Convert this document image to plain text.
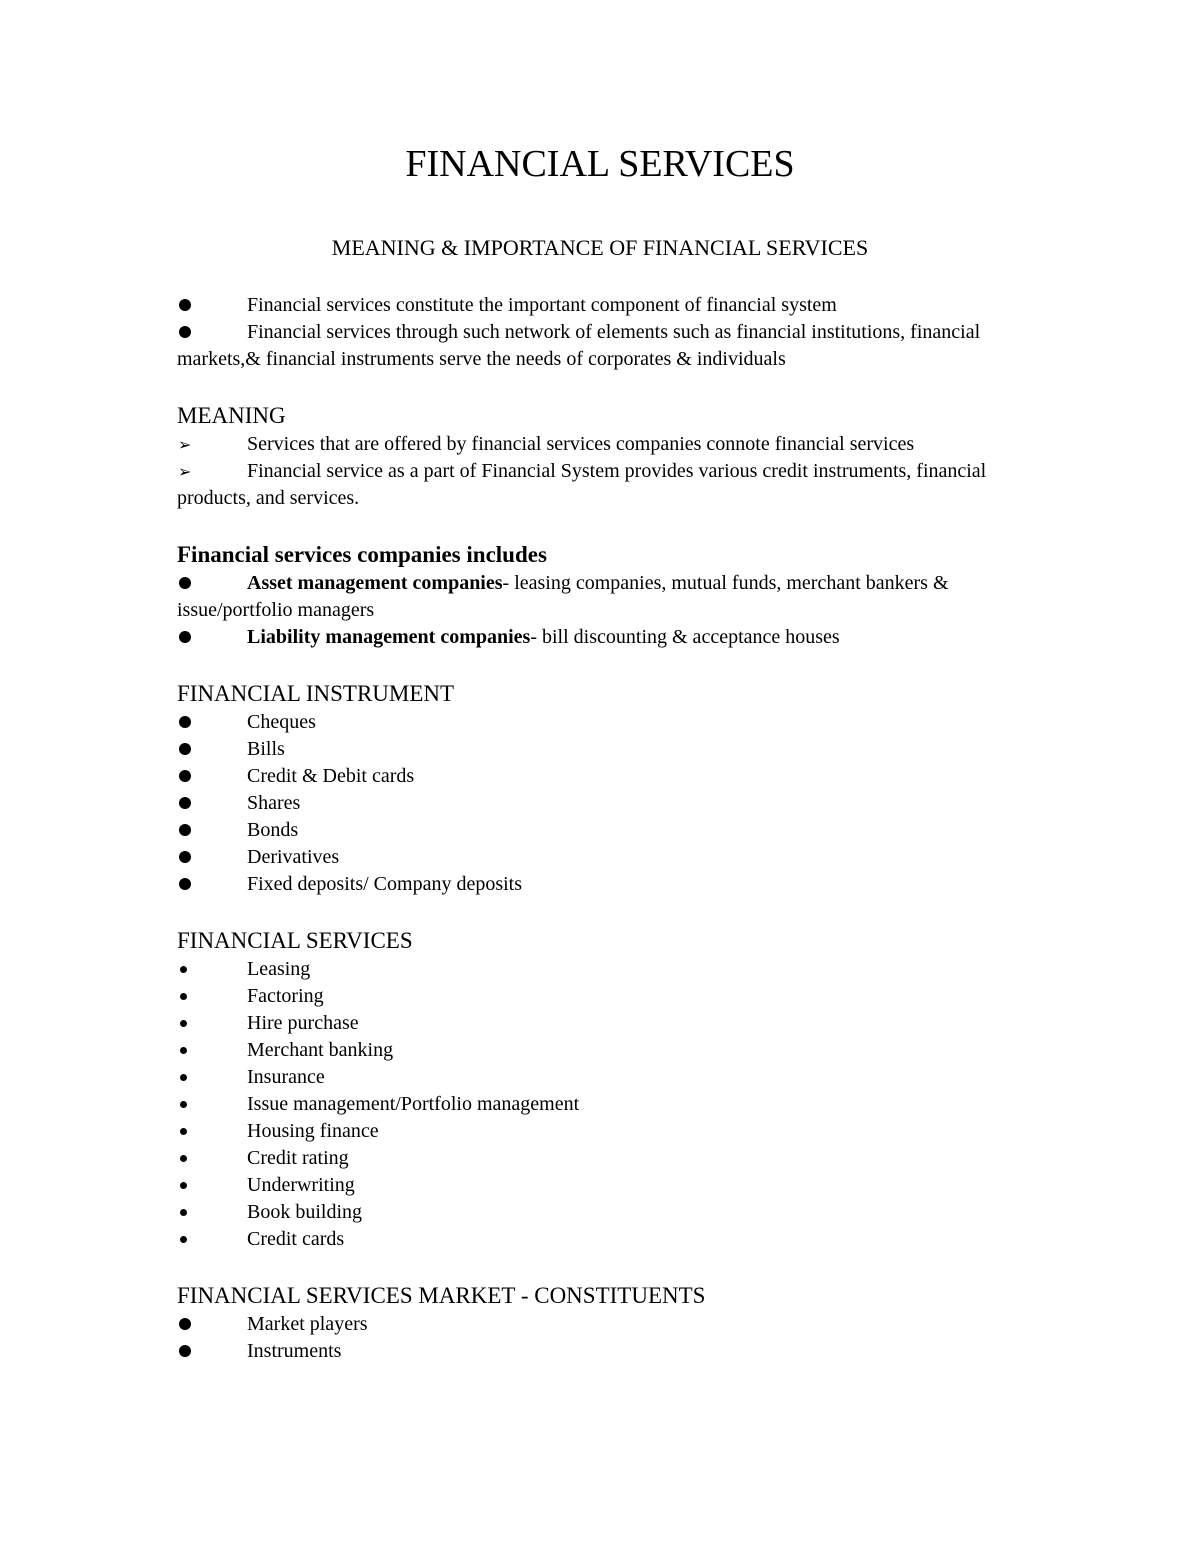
FINANCIAL SERVICES
MEANING & IMPORTANCE OF FINANCIAL SERVICES

Financial services constitute the important component of financial system

Financial services through such network of elements such as financial institutions, financial markets,& financial instruments serve the needs of corporates & individuals

MEANING

➢	Services that are offered by financial services companies connote financial services

➢	Financial service as a part of Financial System provides various credit instruments, financial products, and services.

Financial services companies includes

Asset management companies- leasing companies, mutual funds, merchant bankers & issue/portfolio managers

Liability management companies- bill discounting & acceptance houses

FINANCIAL INSTRUMENT

Cheques

Bills

Credit & Debit cards

Shares

Bonds

Derivatives

Fixed deposits/ Company deposits

FINANCIAL SERVICES

Leasing

Factoring

Hire purchase

Merchant banking

Insurance

Issue management/Portfolio management

Housing finance

Credit rating

Underwriting

Book building

Credit cards

FINANCIAL SERVICES MARKET - CONSTITUENTS

Market players

Instruments
